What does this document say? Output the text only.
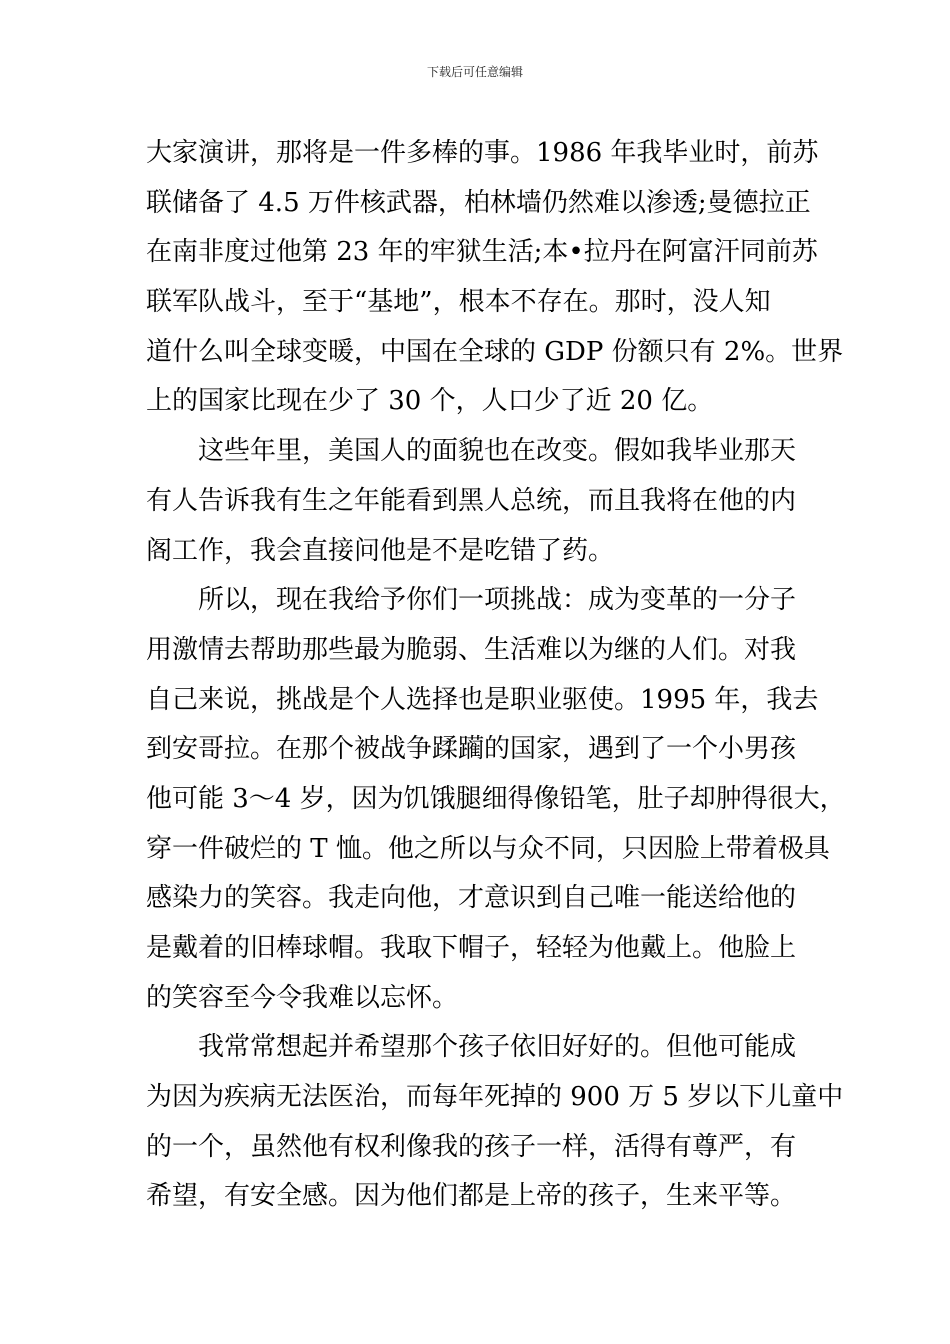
下载后可任意编辑
大家演讲，那将是一件多棒的事。1986 年我毕业时，前苏
联储备了 4.5 万件核武器，柏林墙仍然难以渗透;曼德拉正
在南非度过他第 23 年的牢狱生活;本•拉丹在阿富汗同前苏
联军队战斗，至于“基地”，根本不存在。那时，没人知
道什么叫全球变暖，中国在全球的 GDP 份额只有 2%。世界
上的国家比现在少了 30 个，人口少了近 20 亿。
这些年里，美国人的面貌也在改变。假如我毕业那天
有人告诉我有生之年能看到黑人总统，而且我将在他的内
阁工作，我会直接问他是不是吃错了药。
所以，现在我给予你们一项挑战：成为变革的一分子
用激情去帮助那些最为脆弱、生活难以为继的人们。对我
自己来说，挑战是个人选择也是职业驱使。1995 年，我去
到安哥拉。在那个被战争蹂躏的国家，遇到了一个小男孩
他可能 3～4 岁，因为饥饿腿细得像铅笔，肚子却肿得很大，
穿一件破烂的 T 恤。他之所以与众不同，只因脸上带着极具
感染力的笑容。我走向他，才意识到自己唯一能送给他的
是戴着的旧棒球帽。我取下帽子，轻轻为他戴上。他脸上
的笑容至今令我难以忘怀。
我常常想起并希望那个孩子依旧好好的。但他可能成
为因为疾病无法医治，而每年死掉的 900 万 5 岁以下儿童中
的一个，虽然他有权利像我的孩子一样，活得有尊严，有
希望，有安全感。因为他们都是上帝的孩子，生来平等。
